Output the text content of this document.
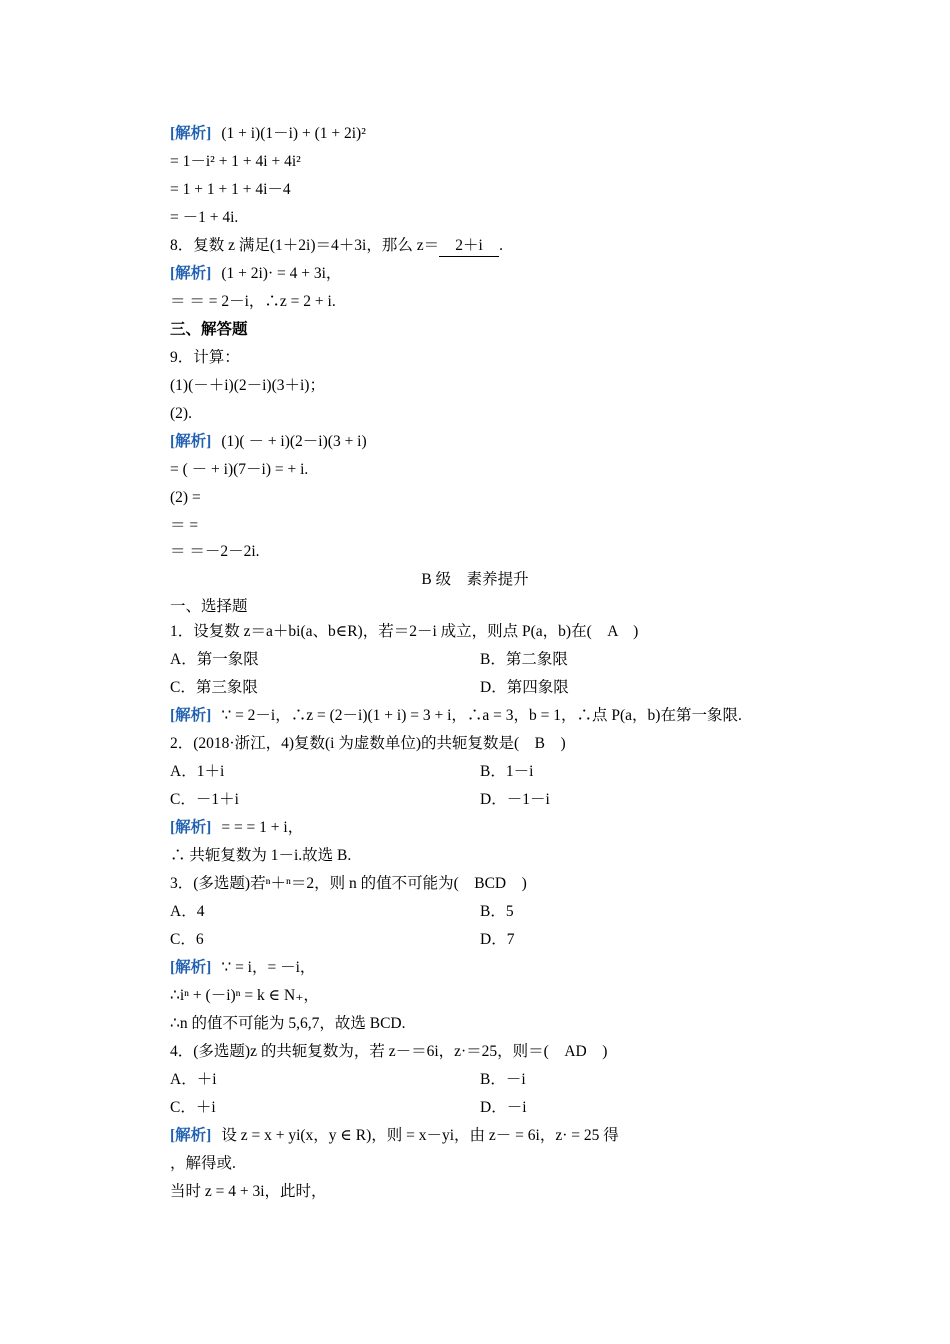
[解析] (1 + i)(1－i) + (1 + 2i)²
= 1－i² + 1 + 4i + 4i²
= 1 + 1 + 1 + 4i－4
= －1 + 4i.
8．复数 z 满足(1＋2i)＝4＋3i，那么 z＝ 2＋i .
[解析] (1 + 2i)· = 4 + 3i，
＝ ＝ = 2－i，∴z = 2 + i.
三、解答题
9．计算：
(1)(－＋i)(2－i)(3＋i)；
(2).
[解析] (1)( － + i)(2－i)(3 + i)
= ( － + i)(7－i) = + i.
(2) =
＝ =
＝ ＝－2－2i.
B 级　素养提升
一、选择题
1．设复数 z＝a＋bi(a、b∈R)，若＝2－i 成立，则点 P(a，b)在(　A　)
A．第一象限	B．第二象限
C．第三象限	D．第四象限
[解析] ∵ = 2－i，∴z = (2－i)(1 + i) = 3 + i，∴a = 3，b = 1，∴点 P(a，b)在第一象限.
2．(2018·浙江，4)复数(i 为虚数单位)的共轭复数是(　B　)
A．1＋i	B．1－i
C．－1＋i	D．－1－i
[解析] = = = 1 + i，
∴ 共轭复数为 1－i.故选 B.
3．(多选题)若ⁿ＋ⁿ＝2，则 n 的值不可能为(　BCD　)
A．4	B．5
C．6	D．7
[解析] ∵ = i，= －i，
∴iⁿ + (－i)ⁿ = k ∈ N₊，
∴n 的值不可能为 5,6,7，故选 BCD.
4．(多选题)z 的共轭复数为，若 z－＝6i，z·＝25，则＝(　AD　)
A．＋i	B．－i
C．＋i	D．－i
[解析] 设 z = x + yi(x，y ∈ R)，则 = x－yi，由 z－ = 6i，z· = 25 得
，解得或.
当时 z = 4 + 3i，此时，
